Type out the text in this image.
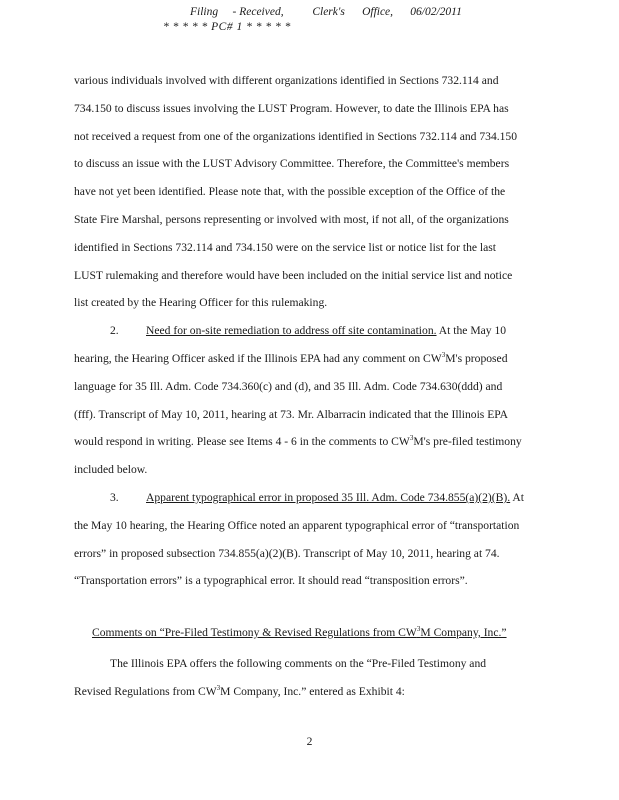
Filing - Received,	Clerk's Office, 06/02/2011
* * * * * PC# 1 * * * * *

various individuals involved with different organizations identified in Sections 732.114 and
734.150 to discuss issues involving the LUST Program. However, to date the Illinois EPA has
not received a request from one of the organizations identified in Sections 732.114 and 734.150
to discuss an issue with the LUST Advisory Committee. Therefore, the Committee's members
have not yet been identified. Please note that, with the possible exception of the Office of the
State Fire Marshal, persons representing or involved with most, if not all, of the organizations
identified in Sections 732.114 and 734.150 were on the service list or notice list for the last
LUST rulemaking and therefore would have been included on the initial service list and notice
list created by the Hearing Officer for this rulemaking.

2. Need for on-site remediation to address off site contamination. At the May 10
hearing, the Hearing Officer asked if the Illinois EPA had any comment on $CW^3M's$ proposed
language for 35 Ill. Adm. Code 734.360(c) and (d), and 35 Ill. Adm. Code 734.630(ddd) and
(fff). Transcript of May 10, 2011, hearing at 73. Mr. Albarracin indicated that the Illinois EPA
would respond in writing. Please see Items 4 - 6 in the comments to $CW^3M's$ pre-filed testimony
included below.

3. Apparent typographical error in proposed 35 Ill. Adm. Code 734.855(a)(2)(B). At
the May 10 hearing, the Hearing Office noted an apparent typographical error of “transportation
errors” in proposed subsection 734.855(a)(2)(B). Transcript of May 10, 2011, hearing at 74.
“Transportation errors” is a typographical error. It should read “transposition errors”.

Comments on “Pre-Filed Testimony & Revised Regulations from $CW^3M$ Company, Inc.”
The Illinois EPA offers the following comments on the “Pre-Filed Testimony and
Revised Regulations from $CW^3M$ Company, Inc.” entered as Exhibit 4:
2
